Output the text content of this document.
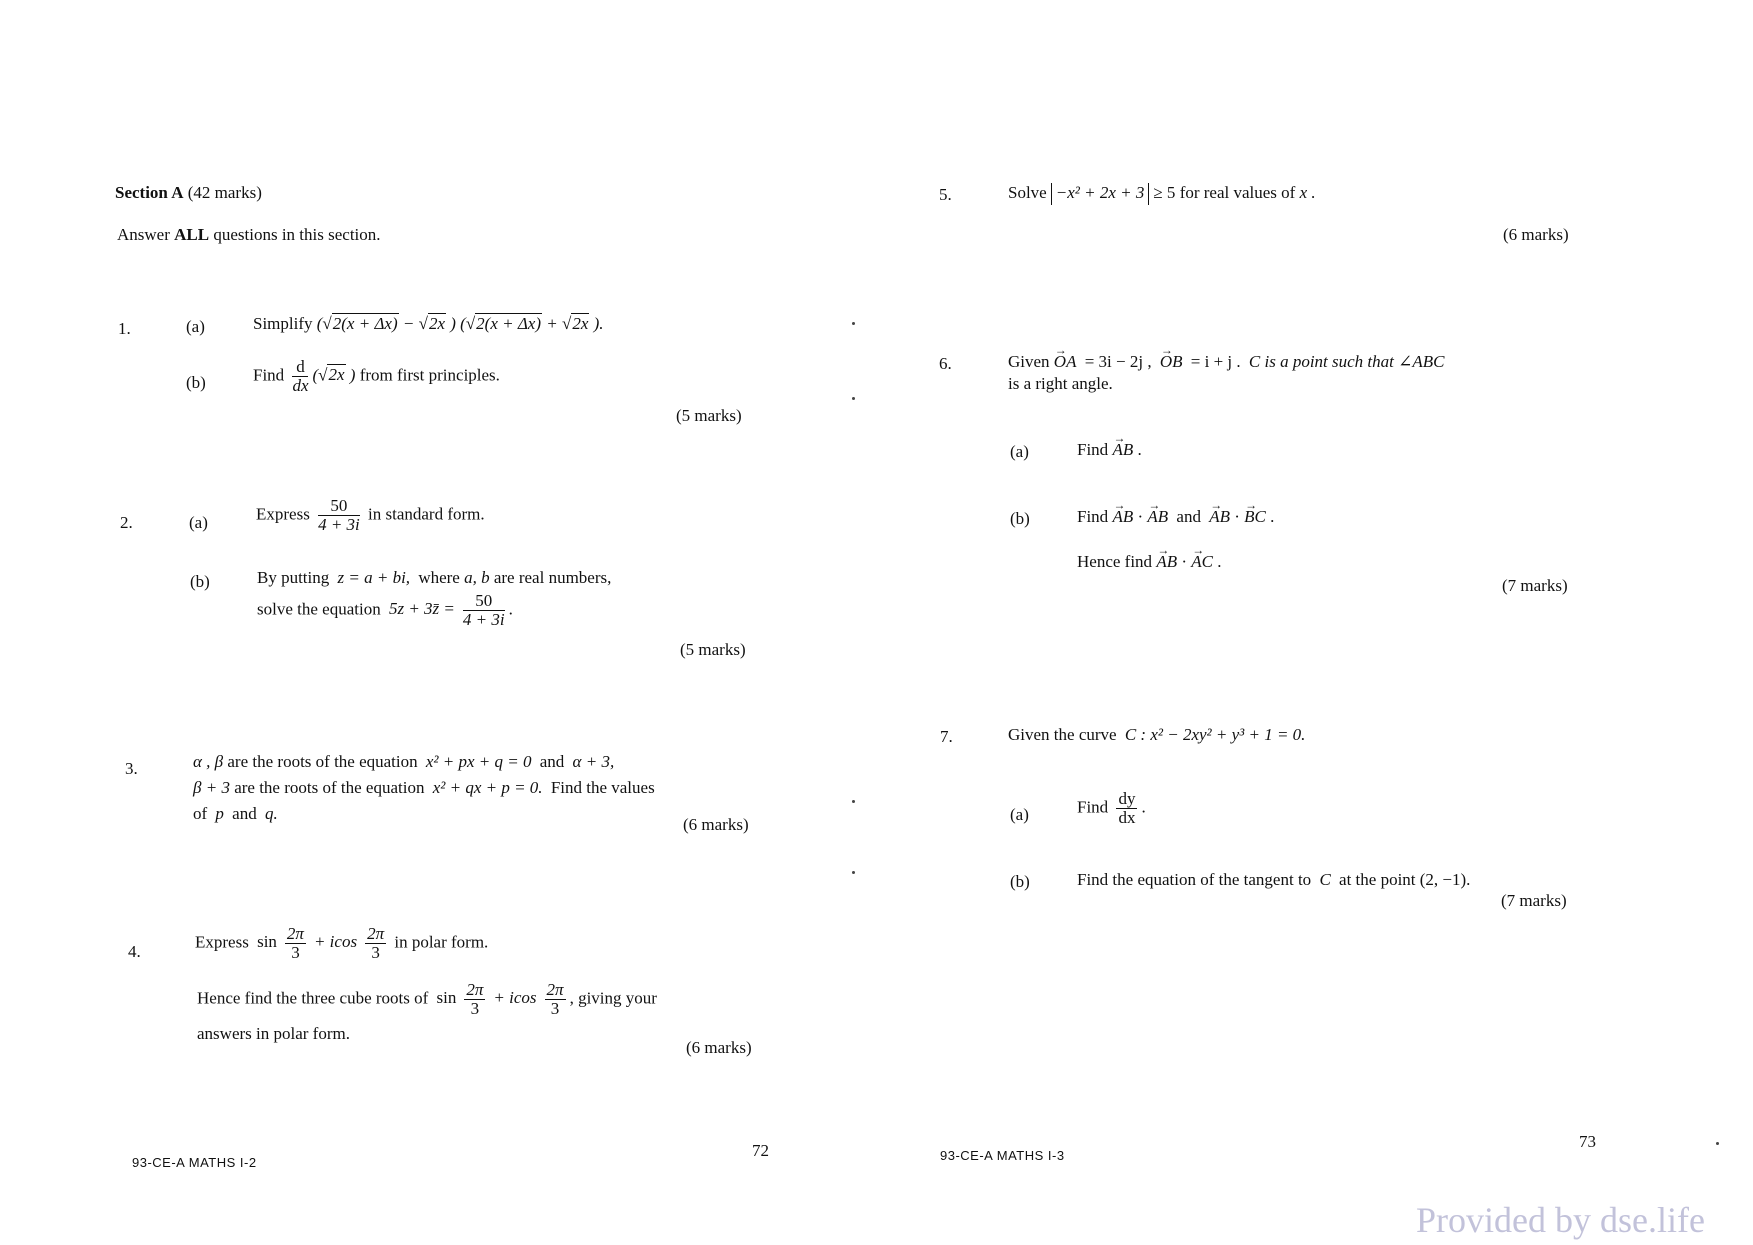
Section A (42 marks)
Answer ALL questions in this section.
1.	(a)	Simplify (√2(x + Δx) − √2x ) (√2(x + Δx) + √2x ).
(b)	Find $\frac{d}{dx} (√2x$ ) from first principles.
(5 marks)
2.	(a)	Express $\frac{50}{4 + 3i}$ in standard form.
(b)	By putting z = a + bi, where a, b are real numbers,
solve the equation 5z + 3z̄ = $\frac{50}{4 + 3i}$ .
(5 marks)
3.	α , β are the roots of the equation x² + px + q = 0 and α + 3,
β + 3 are the roots of the equation x² + qx + p = 0. Find the values
of p and q.
(6 marks)
4.
Express $\sin \frac{2\pi}{3} + icos \frac{2\pi}{3}$ in polar form.
Hence find the three cube roots of $\sin \frac{2\pi}{3} + icos \frac{2\pi}{3}$ , giving your
answers in polar form.
(6 marks)
93-CE-A MATHS I-2
72
5.	Solve −x² + 2x + 3 ≥ 5 for real values of x .
(6 marks)
6.	Given → OA = 3i − 2j , → OB = i + j . C is a point such that ∠ABC
is a right angle.
(a)	Find → AB .
(b)	Find → AB · → AB and → AB · → BC .
Hence find → AB · → AC .
(7 marks)
7.	Given the curve C : x² − 2xy² + y³ + 1 = 0.
(a)	Find $\frac{dy}{dx}$ .
(b)	Find the equation of the tangent to C at the point (2, −1).
(7 marks)
93-CE-A MATHS I-3
73
Provided by dse.life
